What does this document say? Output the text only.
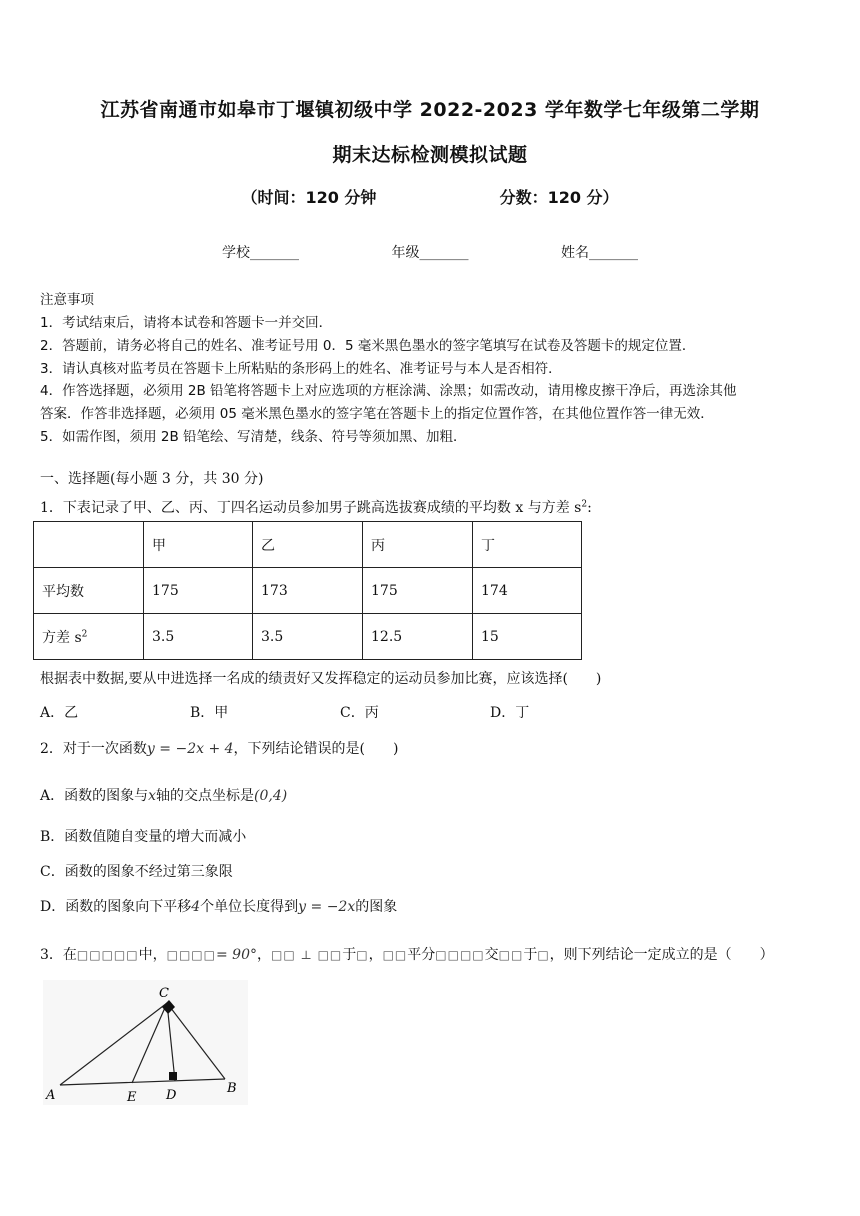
江苏省南通市如皋市丁堰镇初级中学 2022-2023 学年数学七年级第二学期
期末达标检测模拟试题
（时间：120 分钟	分数：120 分）
学校_______	年级_______	姓名_______
注意事项
1．考试结束后，请将本试卷和答题卡一并交回．
2．答题前，请务必将自己的姓名、准考证号用 0．5 毫米黑色墨水的签字笔填写在试卷及答题卡的规定位置．
3．请认真核对监考员在答题卡上所粘贴的条形码上的姓名、准考证号与本人是否相符．
4．作答选择题，必须用 2B 铅笔将答题卡上对应选项的方框涂满、涂黑；如需改动，请用橡皮擦干净后，再选涂其他
答案．作答非选择题，必须用 05 毫米黑色墨水的签字笔在答题卡上的指定位置作答，在其他位置作答一律无效．
5．如需作图，须用 2B 铅笔绘、写清楚，线条、符号等须加黑、加粗．
一、选择题(每小题 3 分，共 30 分)
1．下表记录了甲、乙、丙、丁四名运动员参加男子跳高选拔赛成绩的平均数 x 与方差 $s^2$:
	甲	乙	丙	丁
平均数	175	173	175	174
方差 $s^2$	3.5	3.5	12.5	15
根据表中数据,要从中进选择一名成的绩责好又发挥稳定的运动员参加比赛，应该选择(　　)
A．乙	B．甲	C．丙	D．丁
2．对于一次函数y = −2x + 4，下列结论错误的是(　　)
A．函数的图象与x轴的交点坐标是(0,4)
B．函数值随自变量的增大而减小
C．函数的图象不经过第三象限
D．函数的图象向下平移4个单位长度得到y = −2x的图象
3．在□□□□□中，□□□□= 90°，□□ ⊥ □□于□，□□平分□□□□交□□于□，则下列结论一定成立的是（　　）
C
A	E D	B
